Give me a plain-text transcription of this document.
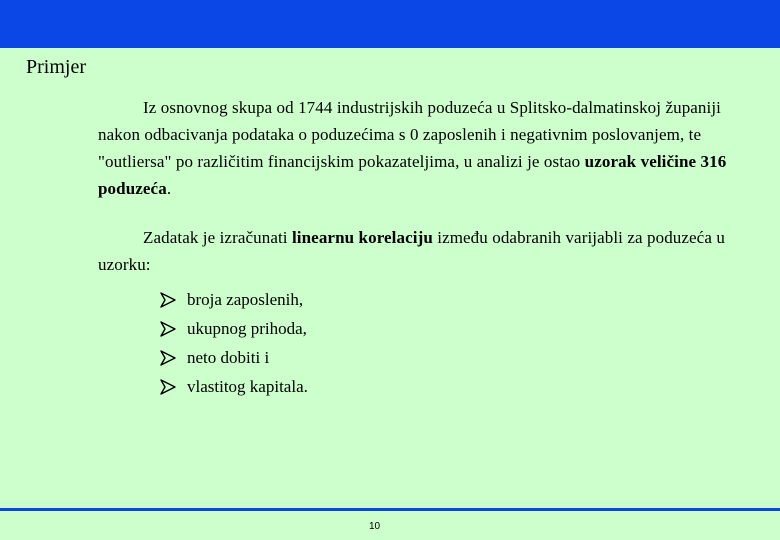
Primjer

Iz osnovnog skupa od 1744 industrijskih poduzeća u Splitsko-dalmatinskoj županiji nakon odbacivanja podataka o poduzećima s 0 zaposlenih i negativnim poslovanjem, te "outliersa" po različitim financijskim pokazateljima, u analizi je ostao uzorak veličine 316 poduzeća.

Zadatak je izračunati linearnu korelaciju između odabranih varijabli za poduzeća u uzorku:

broja zaposlenih,
ukupnog prihoda,
neto dobiti i
vlastitog kapitala.
10
